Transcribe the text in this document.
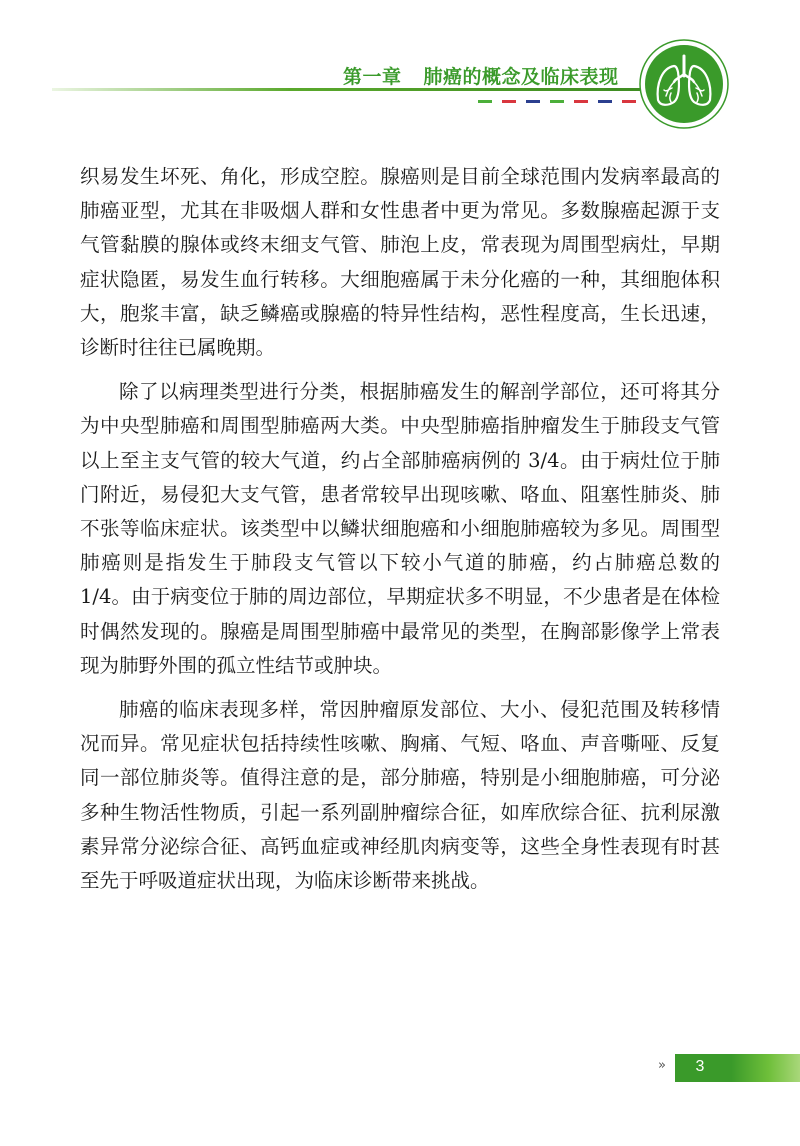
第一章 肺癌的概念及临床表现

织易发生坏死、角化，形成空腔。腺癌则是目前全球范围内发病率最高的肺癌亚型，尤其在非吸烟人群和女性患者中更为常见。多数腺癌起源于支气管黏膜的腺体或终末细支气管、肺泡上皮，常表现为周围型病灶，早期症状隐匿，易发生血行转移。大细胞癌属于未分化癌的一种，其细胞体积大，胞浆丰富，缺乏鳞癌或腺癌的特异性结构，恶性程度高，生长迅速，诊断时往往已属晚期。

除了以病理类型进行分类，根据肺癌发生的解剖学部位，还可将其分为中央型肺癌和周围型肺癌两大类。中央型肺癌指肿瘤发生于肺段支气管以上至主支气管的较大气道，约占全部肺癌病例的 3/4。由于病灶位于肺门附近，易侵犯大支气管，患者常较早出现咳嗽、咯血、阻塞性肺炎、肺不张等临床症状。该类型中以鳞状细胞癌和小细胞肺癌较为多见。周围型肺癌则是指发生于肺段支气管以下较小气道的肺癌，约占肺癌总数的 1/4。由于病变位于肺的周边部位，早期症状多不明显，不少患者是在体检时偶然发现的。腺癌是周围型肺癌中最常见的类型，在胸部影像学上常表现为肺野外围的孤立性结节或肿块。

肺癌的临床表现多样，常因肿瘤原发部位、大小、侵犯范围及转移情况而异。常见症状包括持续性咳嗽、胸痛、气短、咯血、声音嘶哑、反复同一部位肺炎等。值得注意的是，部分肺癌，特别是小细胞肺癌，可分泌多种生物活性物质，引起一系列副肿瘤综合征，如库欣综合征、抗利尿激素异常分泌综合征、高钙血症或神经肌肉病变等，这些全身性表现有时甚至先于呼吸道症状出现，为临床诊断带来挑战。

»	3
